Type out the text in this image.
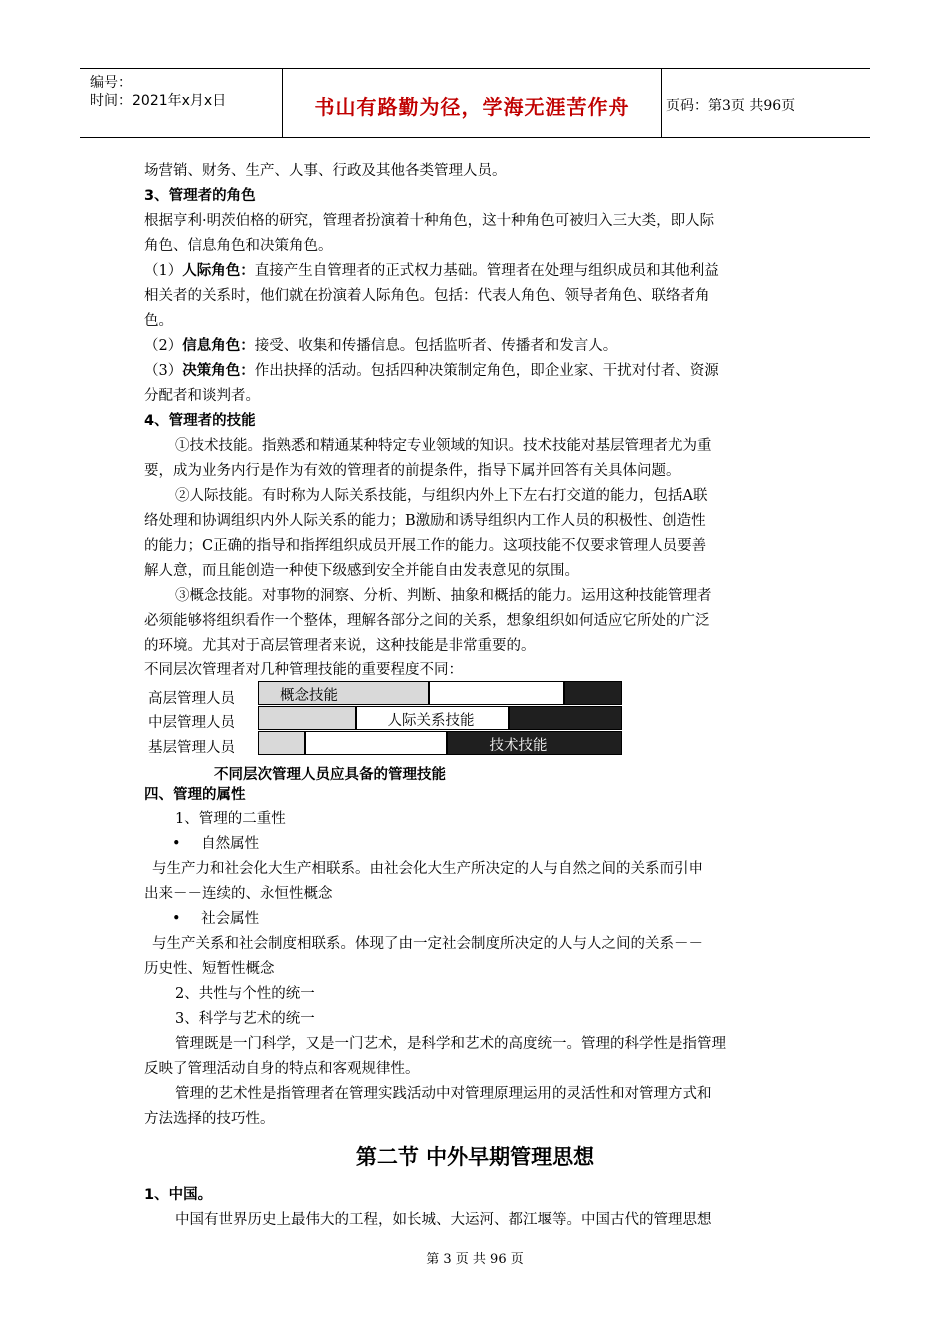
编号：
时间：2021年x月x日	书山有路勤为径，学海无涯苦作舟	页码：第3页 共96页
场营销、财务、生产、人事、行政及其他各类管理人员。
3、管理者的角色
根据亨利·明茨伯格的研究，管理者扮演着十种角色，这十种角色可被归入三大类，即人际
角色、信息角色和决策角色。
（1）人际角色：直接产生自管理者的正式权力基础。管理者在处理与组织成员和其他利益
相关者的关系时，他们就在扮演着人际角色。包括：代表人角色、领导者角色、联络者角
色。
（2）信息角色：接受、收集和传播信息。包括监听者、传播者和发言人。
（3）决策角色：作出抉择的活动。包括四种决策制定角色，即企业家、干扰对付者、资源
分配者和谈判者。
4、管理者的技能
①技术技能。指熟悉和精通某种特定专业领域的知识。技术技能对基层管理者尤为重
要，成为业务内行是作为有效的管理者的前提条件，指导下属并回答有关具体问题。
②人际技能。有时称为人际关系技能，与组织内外上下左右打交道的能力，包括A联
络处理和协调组织内外人际关系的能力；B激励和诱导组织内工作人员的积极性、创造性
的能力；C正确的指导和指挥组织成员开展工作的能力。这项技能不仅要求管理人员要善
解人意，而且能创造一种使下级感到安全并能自由发表意见的氛围。
③概念技能。对事物的洞察、分析、判断、抽象和概括的能力。运用这种技能管理者
必须能够将组织看作一个整体，理解各部分之间的关系，想象组织如何适应它所处的广泛
的环境。尤其对于高层管理者来说，这种技能是非常重要的。
不同层次管理者对几种管理技能的重要程度不同：
高层管理人员
中层管理人员
基层管理人员
概念技能
人际关系技能
技术技能
不同层次管理人员应具备的管理技能
四、管理的属性
1、管理的二重性
• 自然属性
与生产力和社会化大生产相联系。由社会化大生产所决定的人与自然之间的关系而引申
出来－－连续的、永恒性概念
• 社会属性
与生产关系和社会制度相联系。体现了由一定社会制度所决定的人与人之间的关系－－
历史性、短暂性概念
2、共性与个性的统一
3、科学与艺术的统一
管理既是一门科学，又是一门艺术，是科学和艺术的高度统一。管理的科学性是指管理
反映了管理活动自身的特点和客观规律性。
管理的艺术性是指管理者在管理实践活动中对管理原理运用的灵活性和对管理方式和
方法选择的技巧性。
第二节 中外早期管理思想
1、中国。
中国有世界历史上最伟大的工程，如长城、大运河、都江堰等。中国古代的管理思想
第 3 页 共 96 页
